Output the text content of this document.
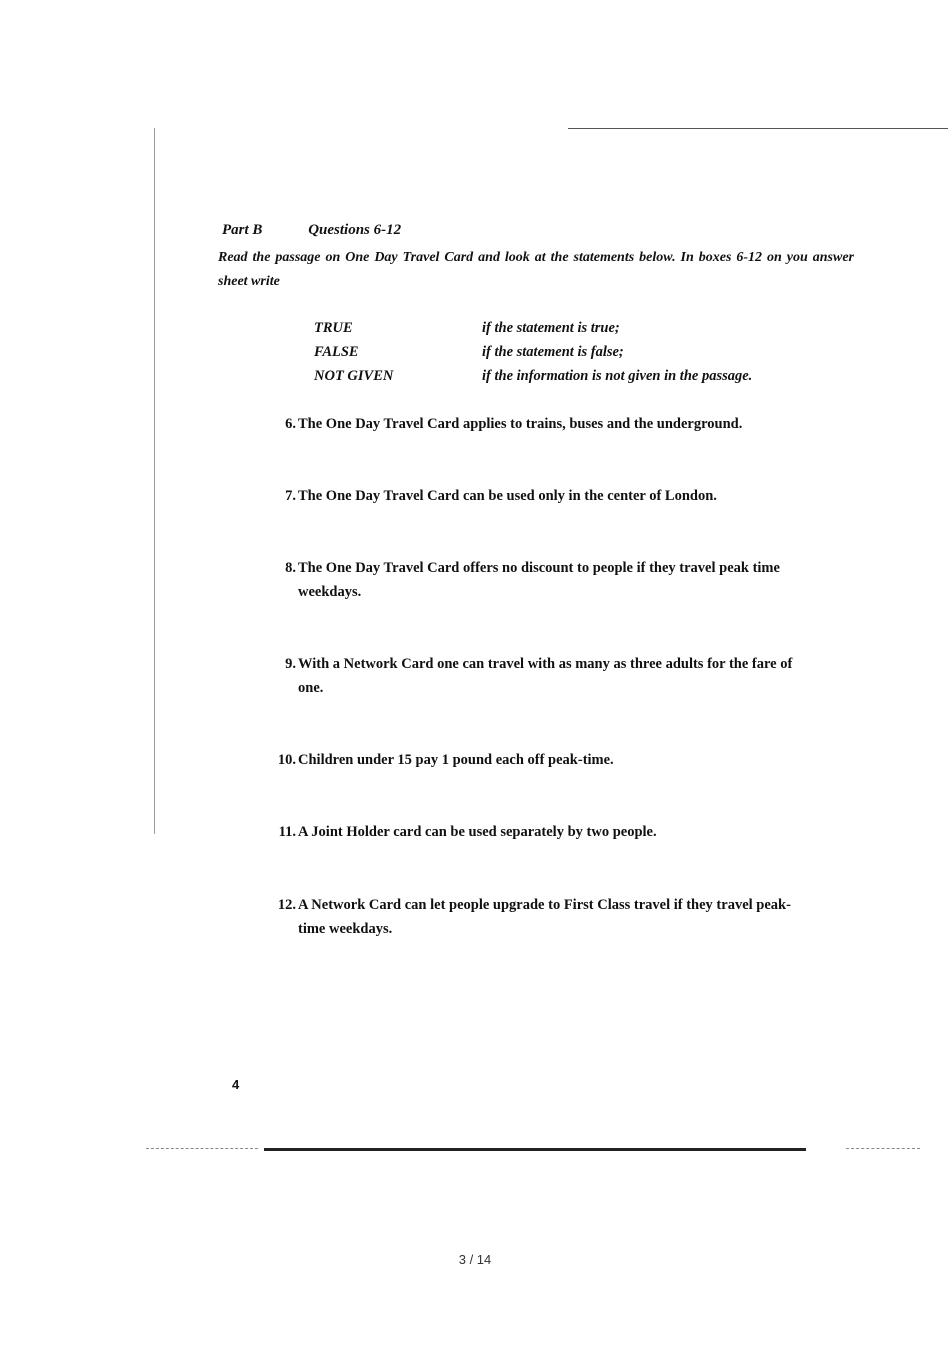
Part B	Questions 6-12
Read the passage on One Day Travel Card and look at the statements below. In boxes 6-12 on you answer sheet write
TRUE	if the statement is true;
FALSE	if the statement is false;
NOT GIVEN	if the information is not given in the passage.
6. The One Day Travel Card applies to trains, buses and the underground.
7. The One Day Travel Card can be used only in the center of London.
8. The One Day Travel Card offers no discount to people if they travel peak time
weekdays.
9. With a Network Card one can travel with as many as three adults for the fare of
one.
10. Children under 15 pay 1 pound each off peak-time.
11. A Joint Holder card can be used separately by two people.
12. A Network Card can let people upgrade to First Class travel if they travel peak-
time weekdays.
4
3 / 14
